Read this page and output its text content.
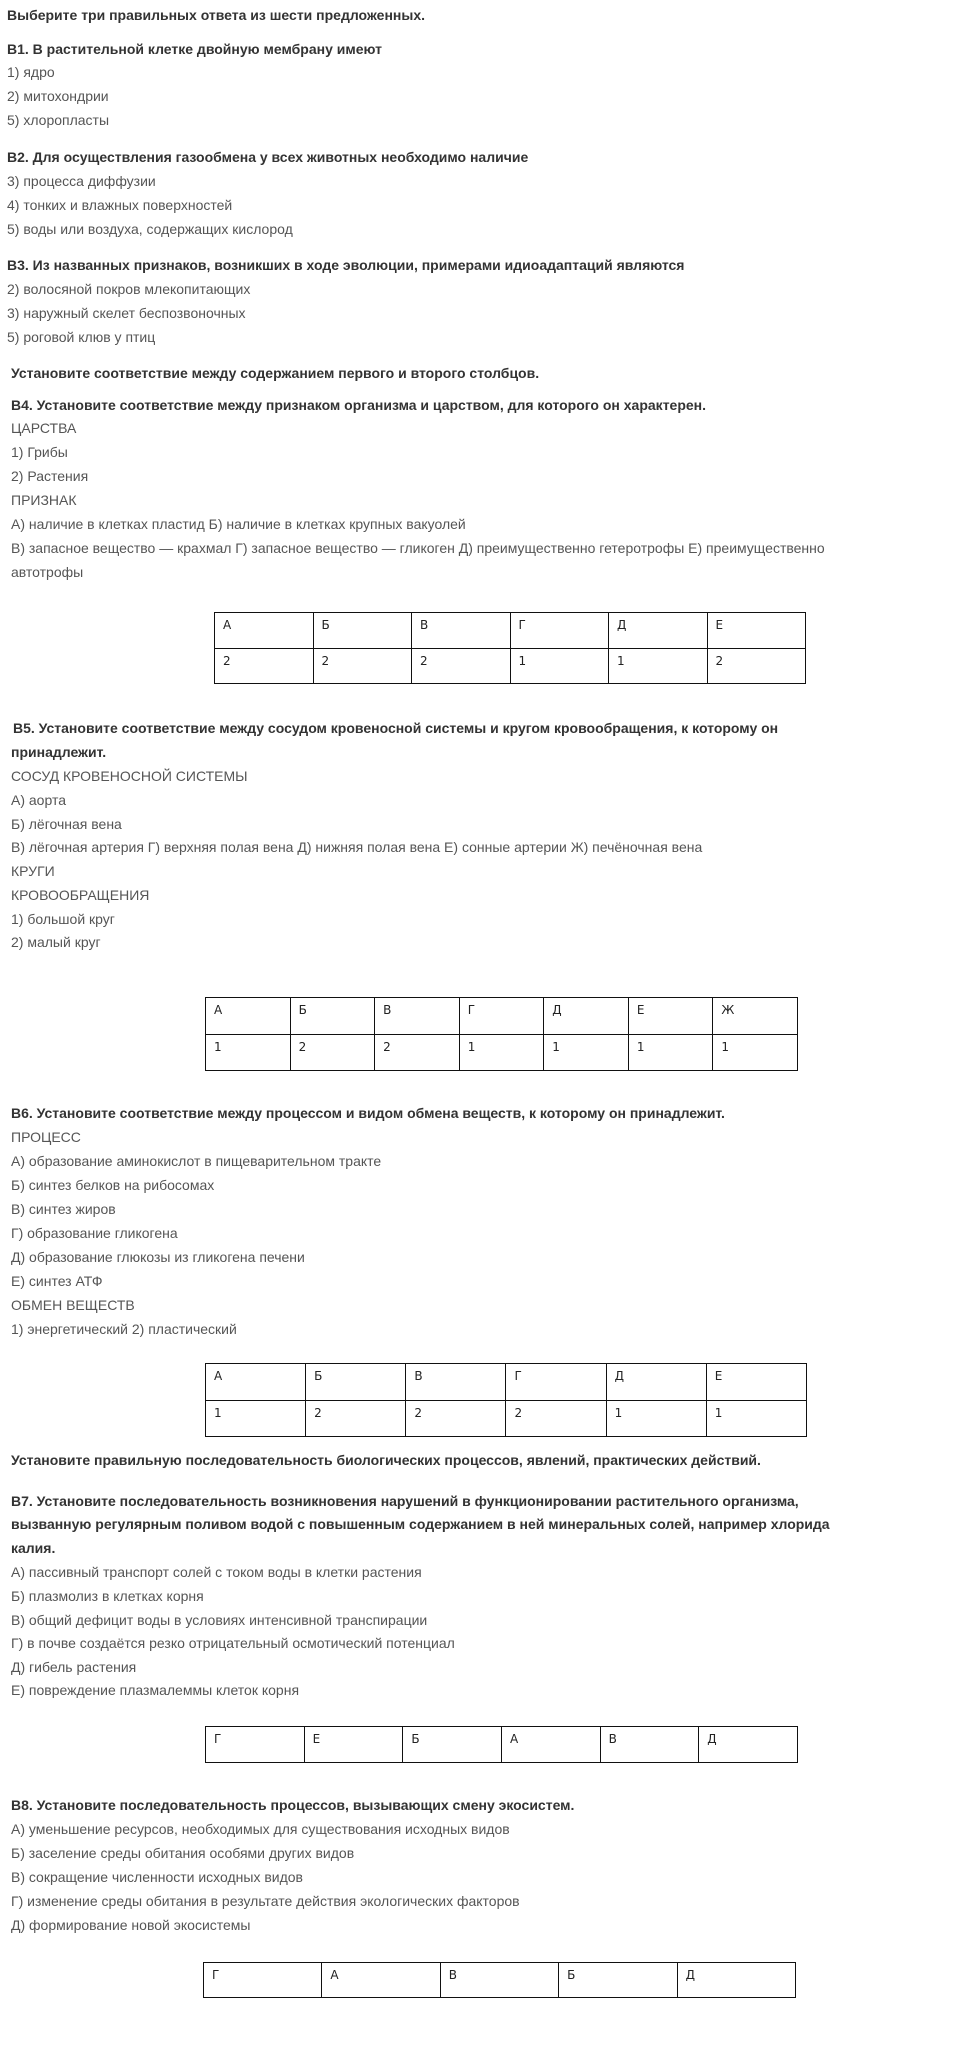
Выберите три правильных ответа из шести предложенных.
В1. В растительной клетке двойную мембрану имеют
1) ядро
2) митохондрии
5) хлоропласты
В2. Для осуществления газообмена у всех животных необходимо наличие
3) процесса диффузии
4) тонких и влажных поверхностей
5) воды или воздуха, содержащих кислород
В3. Из названных признаков, возникших в ходе эволюции, примерами идиоадаптаций являются
2) волосяной покров млекопитающих
3) наружный скелет беспозвоночных
5) роговой клюв у птиц
Установите соответствие между содержанием первого и второго столбцов.
В4. Установите соответствие между признаком организма и царством, для которого он характерен.
ЦАРСТВА
1) Грибы
2) Растения
ПРИЗНАК
А) наличие в клетках пластид Б) наличие в клетках крупных вакуолей
В) запасное вещество — крахмал Г) запасное вещество — гликоген Д) преимущественно гетеротрофы Е) преимущественно
автотрофы
А	Б	В	Г	Д	Е
2	2	2	1	1	2
В5. Установите соответствие между сосудом кровеносной системы и кругом кровообращения, к которому он
принадлежит.
СОСУД КРОВЕНОСНОЙ СИСТЕМЫ
А) аорта
Б) лёгочная вена
В) лёгочная артерия Г) верхняя полая вена Д) нижняя полая вена Е) сонные артерии Ж) печёночная вена
КРУГИ
КРОВООБРАЩЕНИЯ
1) большой круг
2) малый круг
А	Б	В	Г	Д	Е	Ж
1	2	2	1	1	1	1
В6. Установите соответствие между процессом и видом обмена веществ, к которому он принадлежит.
ПРОЦЕСС
А) образование аминокислот в пищеварительном тракте
Б) синтез белков на рибосомах
В) синтез жиров
Г) образование гликогена
Д) образование глюкозы из гликогена печени
Е) синтез АТФ
ОБМЕН ВЕЩЕСТВ
1) энергетический 2) пластический
А	Б	В	Г	Д	Е
1	2	2	2	1	1
Установите правильную последовательность биологических процессов, явлений, практических действий.
В7. Установите последовательность возникновения нарушений в функционировании растительного организма,
вызванную регулярным поливом водой с повышенным содержанием в ней минеральных солей, например хлорида
калия.
А) пассивный транспорт солей с током воды в клетки растения
Б) плазмолиз в клетках корня
В) общий дефицит воды в условиях интенсивной транспирации
Г) в почве создаётся резко отрицательный осмотический потенциал
Д) гибель растения
Е) повреждение плазмалеммы клеток корня
Г	Е	Б	А	В	Д
В8. Установите последовательность процессов, вызывающих смену экосистем.
А) уменьшение ресурсов, необходимых для существования исходных видов
Б) заселение среды обитания особями других видов
В) сокращение численности исходных видов
Г) изменение среды обитания в результате действия экологических факторов
Д) формирование новой экосистемы
Г	А	В	Б	Д
